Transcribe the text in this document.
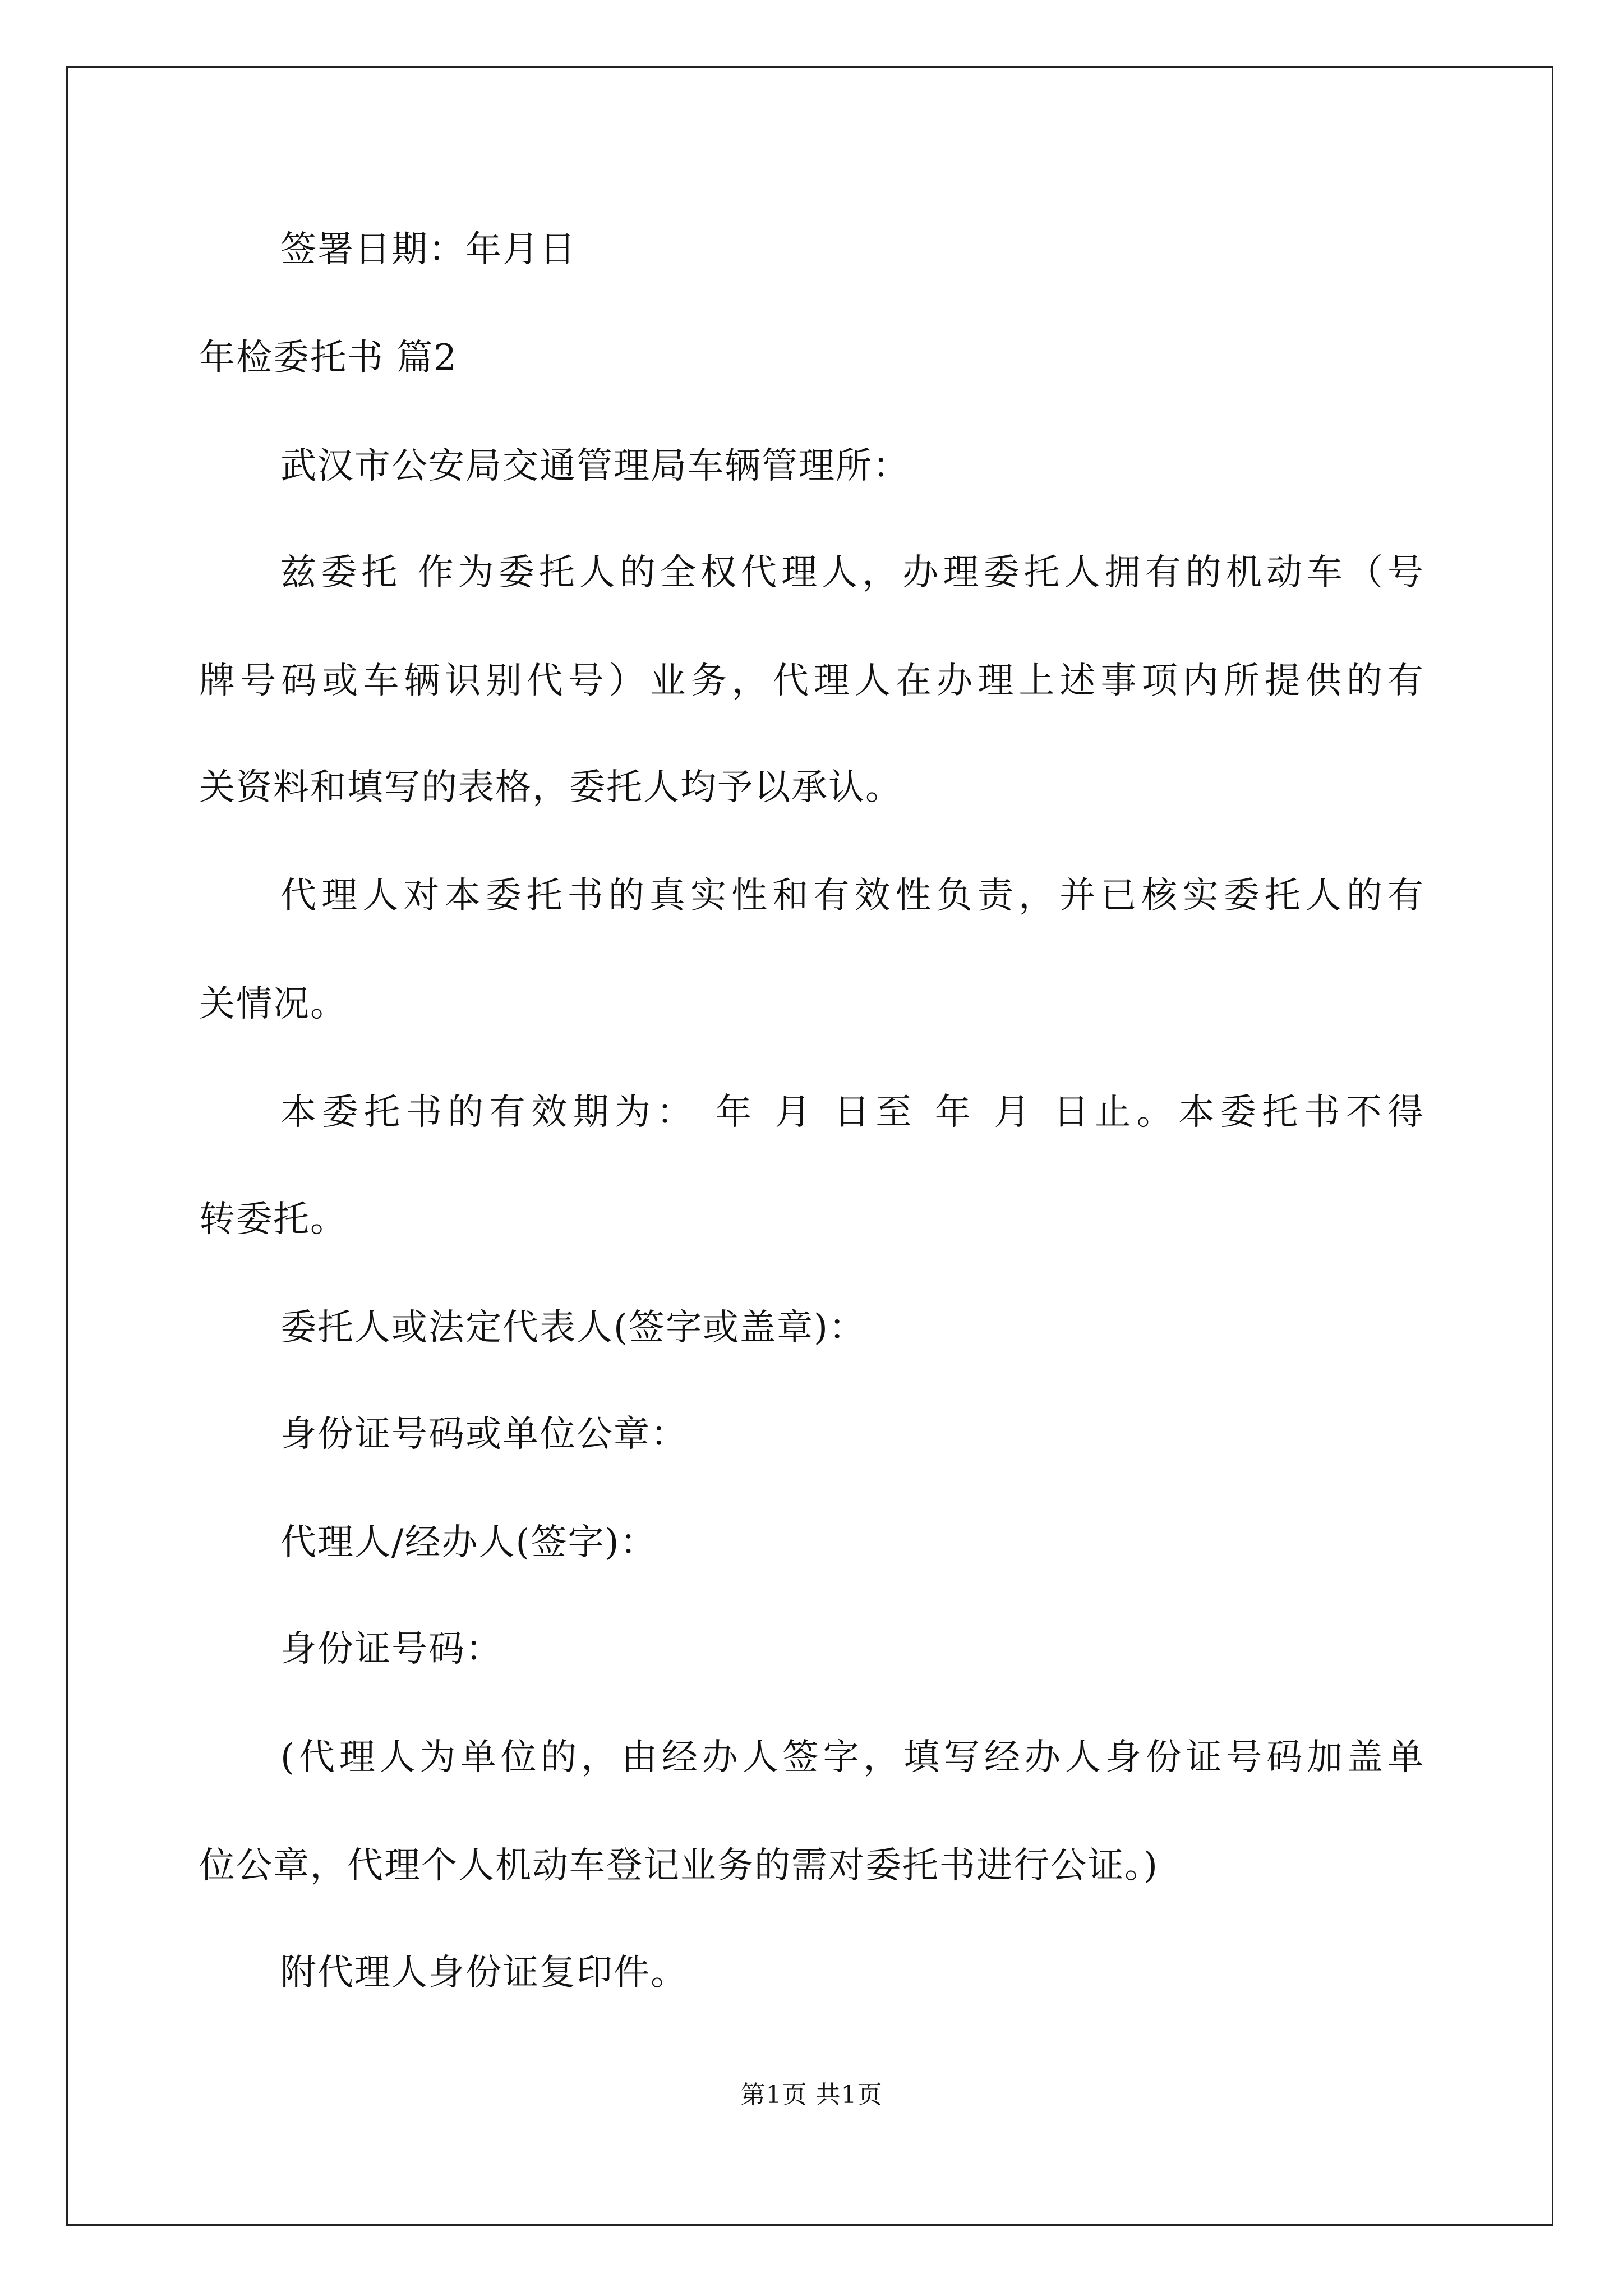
签署日期：年月日

年检委托书 篇2

武汉市公安局交通管理局车辆管理所：

兹委托 作为委托人的全权代理人，办理委托人拥有的机动车（号

牌号码或车辆识别代号）业务，代理人在办理上述事项内所提供的有

关资料和填写的表格，委托人均予以承认。

代理人对本委托书的真实性和有效性负责，并已核实委托人的有

关情况。

本委托书的有效期为： 年 月 日至 年 月 日止。本委托书不得

转委托。

委托人或法定代表人(签字或盖章)：

身份证号码或单位公章：

代理人/经办人(签字)：

身份证号码：

(代理人为单位的，由经办人签字，填写经办人身份证号码加盖单

位公章，代理个人机动车登记业务的需对委托书进行公证。)

附代理人身份证复印件。

第1页 共1页
